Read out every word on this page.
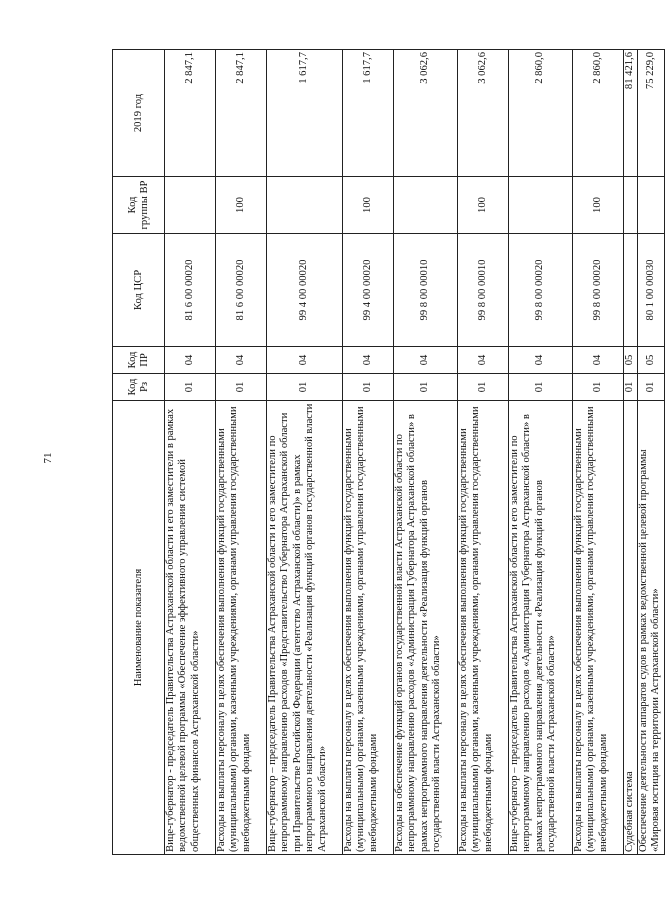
71
Наименование показателя	Код Рз	Код ПР	Код ЦСР	Код группы ВР	2019 год
Вице-губернатор - председатель Правительства Астраханской области и его заместители в рамках ведомственной целевой программы «Обеспечение эффективного управления системой общественных финансов Астраханской области»	01	04	81 6 00 00020		2 847,1
Расходы на выплаты персоналу в целях обеспечения выполнения функций государственными (муниципальными) органами, казенными учреждениями, органами управления государственными внебюджетными фондами	01	04	81 6 00 00020	100	2 847,1
Вице-губернатор – председатель Правительства Астраханской области и его заместители по непрограммному направлению расходов «Представительство Губернатора Астраханской области при Правительстве Российской Федерации (агентство Астраханской области)» в рамках непрограммного направления деятельности «Реализация функций органов государственной власти Астраханской области»	01	04	99 4 00 00020		1 617,7
Расходы на выплаты персоналу в целях обеспечения выполнения функций государственными (муниципальными) органами, казенными учреждениями, органами управления государственными внебюджетными фондами	01	04	99 4 00 00020	100	1 617,7
Расходы на обеспечение функций органов государственной власти Астраханской области по непрограммному направлению расходов «Администрация Губернатора Астраханской области» в рамках непрограммного направления деятельности «Реализация функций органов государственной власти Астраханской области»	01	04	99 8 00 00010		3 062,6
Расходы на выплаты персоналу в целях обеспечения выполнения функций государственными (муниципальными) органами, казенными учреждениями, органами управления государственными внебюджетными фондами	01	04	99 8 00 00010	100	3 062,6
Вице-губернатор – председатель Правительства Астраханской области и его заместители по непрограммному направлению расходов «Администрация Губернатора Астраханской области» в рамках непрограммного направления деятельности «Реализация функций органов государственной власти Астраханской области»	01	04	99 8 00 00020		2 860,0
Расходы на выплаты персоналу в целях обеспечения выполнения функций государственными (муниципальными) органами, казенными учреждениями, органами управления государственными внебюджетными фондами	01	04	99 8 00 00020	100	2 860,0
Судебная система	01	05			81 421,6
Обеспечение деятельности аппаратов судов в рамках ведомственной целевой программы «Мировая юстиция на территории Астраханской области»	01	05	80 1 00 00030		75 229,0
